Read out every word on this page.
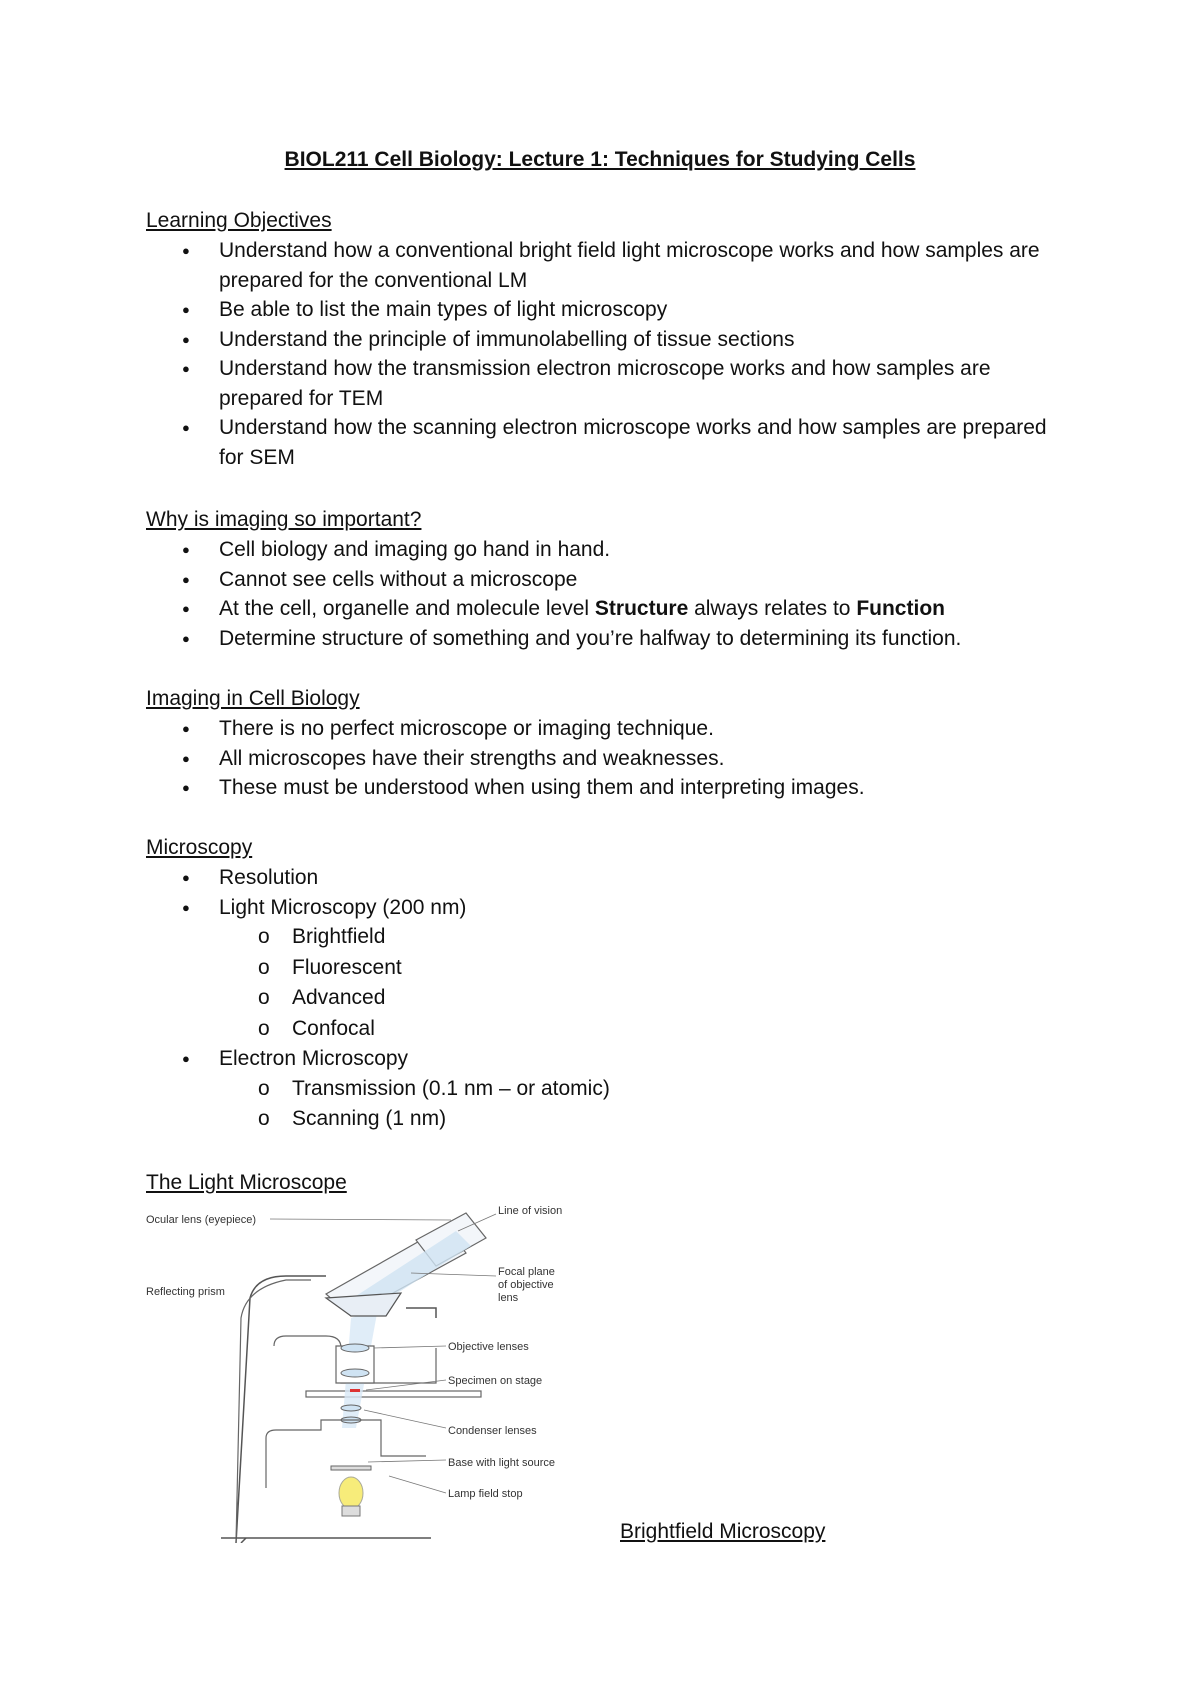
BIOL211 Cell Biology: Lecture 1: Techniques for Studying Cells
Learning Objectives
● Understand how a conventional bright field light microscope works and how samples are prepared for the conventional LM
● Be able to list the main types of light microscopy
● Understand the principle of immunolabelling of tissue sections
● Understand how the transmission electron microscope works and how samples are prepared for TEM
● Understand how the scanning electron microscope works and how samples are prepared for SEM
Why is imaging so important?
● Cell biology and imaging go hand in hand.
● Cannot see cells without a microscope
● At the cell, organelle and molecule level Structure always relates to Function
● Determine structure of something and you’re halfway to determining its function.
Imaging in Cell Biology
● There is no perfect microscope or imaging technique.
● All microscopes have their strengths and weaknesses.
● These must be understood when using them and interpreting images.
Microscopy
● Resolution
● Light Microscopy (200 nm)
o Brightfield
o Fluorescent
o Advanced
o Confocal
● Electron Microscopy
o Transmission (0.1 nm – or atomic)
o Scanning (1 nm)
The Light Microscope
Ocular lens (eyepiece)
Line of vision
Reflecting prism
Focal plane
of objective
lens
Objective lenses
Specimen on stage
Condenser lenses
Base with light source
Lamp field stop
Brightfield Microscopy
